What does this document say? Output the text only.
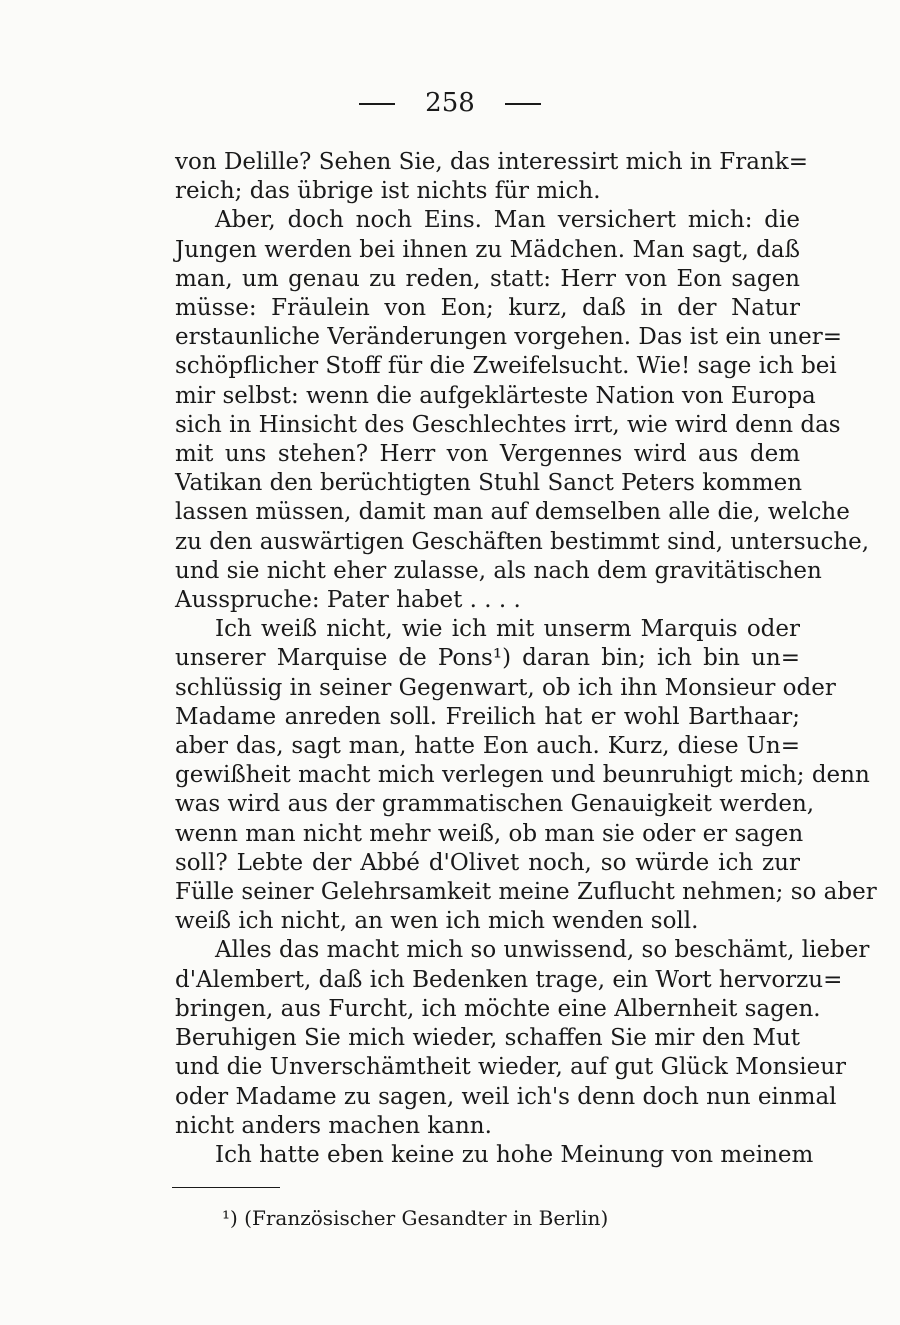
258
von Delille? Sehen Sie, das interessirt mich in Frank=
reich; das übrige ist nichts für mich.
Aber, doch noch Eins. Man versichert mich: die
Jungen werden bei ihnen zu Mädchen. Man sagt, daß
man, um genau zu reden, statt: Herr von Eon sagen
müsse: Fräulein von Eon; kurz, daß in der Natur
erstaunliche Veränderungen vorgehen. Das ist ein uner=
schöpflicher Stoff für die Zweifelsucht. Wie! sage ich bei
mir selbst: wenn die aufgeklärteste Nation von Europa
sich in Hinsicht des Geschlechtes irrt, wie wird denn das
mit uns stehen? Herr von Vergennes wird aus dem
Vatikan den berüchtigten Stuhl Sanct Peters kommen
lassen müssen, damit man auf demselben alle die, welche
zu den auswärtigen Geschäften bestimmt sind, untersuche,
und sie nicht eher zulasse, als nach dem gravitätischen
Ausspruche: Pater habet . . . .
Ich weiß nicht, wie ich mit unserm Marquis oder
unserer Marquise de Pons¹) daran bin; ich bin un=
schlüssig in seiner Gegenwart, ob ich ihn Monsieur oder
Madame anreden soll. Freilich hat er wohl Barthaar;
aber das, sagt man, hatte Eon auch. Kurz, diese Un=
gewißheit macht mich verlegen und beunruhigt mich; denn
was wird aus der grammatischen Genauigkeit werden,
wenn man nicht mehr weiß, ob man sie oder er sagen
soll? Lebte der Abbé d'Olivet noch, so würde ich zur
Fülle seiner Gelehrsamkeit meine Zuflucht nehmen; so aber
weiß ich nicht, an wen ich mich wenden soll.
Alles das macht mich so unwissend, so beschämt, lieber
d'Alembert, daß ich Bedenken trage, ein Wort hervorzu=
bringen, aus Furcht, ich möchte eine Albernheit sagen.
Beruhigen Sie mich wieder, schaffen Sie mir den Mut
und die Unverschämtheit wieder, auf gut Glück Monsieur
oder Madame zu sagen, weil ich's denn doch nun einmal
nicht anders machen kann.
Ich hatte eben keine zu hohe Meinung von meinem
¹) (Französischer Gesandter in Berlin)
